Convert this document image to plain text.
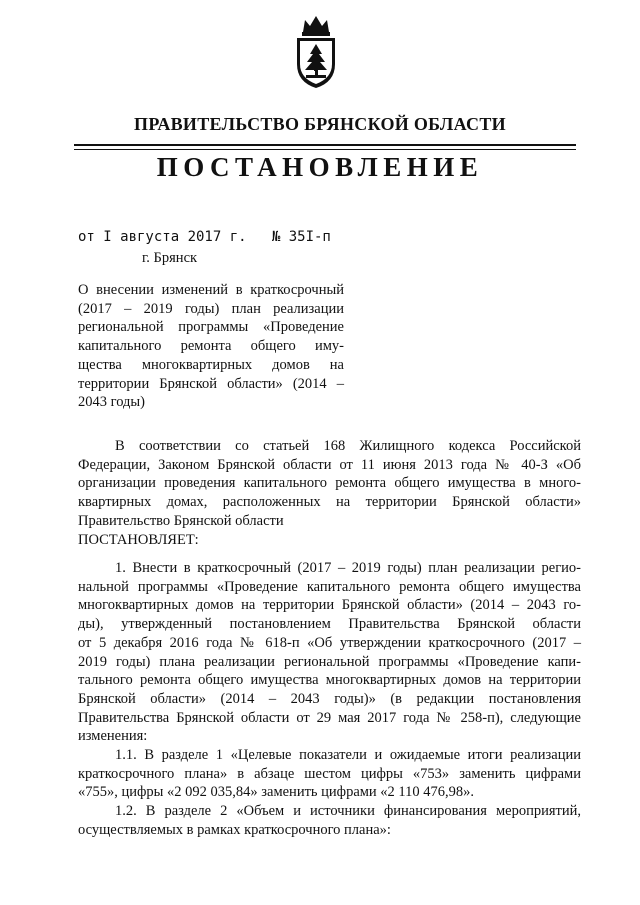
ПРАВИТЕЛЬСТВО БРЯНСКОЙ ОБЛАСТИ
ПОСТАНОВЛЕНИЕ
от I августа 2017 г.   № 35I-п
г. Брянск
О внесении изменений в краткосрочный
(2017 – 2019 годы) план реализации
региональной программы «Проведение
капитального ремонта общего иму-
щества многоквартирных домов на
территории Брянской области» (2014 –
2043 годы)
В соответствии со статьей 168 Жилищного кодекса Российской
Федерации, Законом Брянской области от 11 июня 2013 года № 40-З «Об
организации проведения капитального ремонта общего имущества в много-
квартирных домах, расположенных на территории Брянской области»
Правительство Брянской области
ПОСТАНОВЛЯЕТ:
1. Внести в краткосрочный (2017 – 2019 годы) план реализации регио-
нальной программы «Проведение капитального ремонта общего имущества
многоквартирных домов на территории Брянской области» (2014 – 2043 го-
ды), утвержденный постановлением Правительства Брянской области
от 5 декабря 2016 года № 618-п «Об утверждении краткосрочного (2017 –
2019 годы) плана реализации региональной программы «Проведение капи-
тального ремонта общего имущества многоквартирных домов на территории
Брянской области» (2014 – 2043 годы)» (в редакции постановления
Правительства Брянской области от 29 мая 2017 года № 258-п), следующие
изменения:
1.1. В разделе 1 «Целевые показатели и ожидаемые итоги реализации
краткосрочного плана» в абзаце шестом цифры «753» заменить цифрами
«755», цифры «2 092 035,84» заменить цифрами «2 110 476,98».
1.2. В разделе 2 «Объем и источники финансирования мероприятий,
осуществляемых в рамках краткосрочного плана»:
